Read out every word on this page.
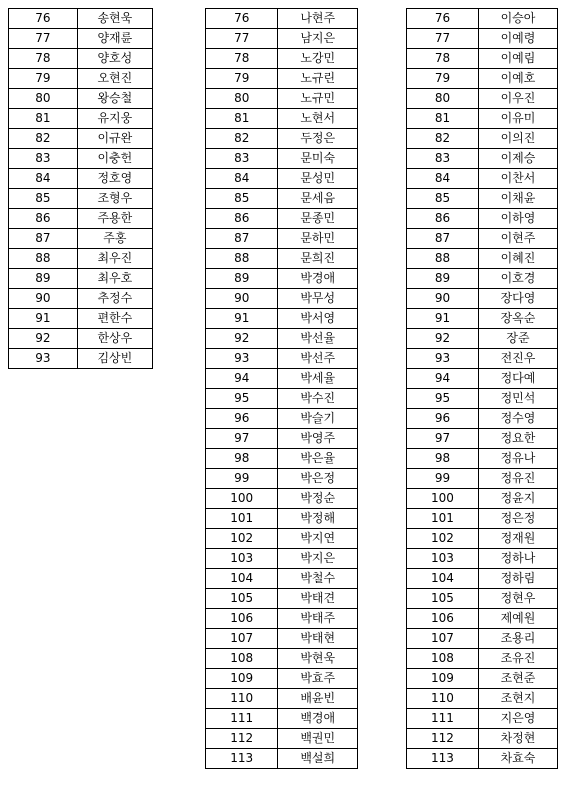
76	송현욱
77	양재륜
78	양호성
79	오현진
80	왕승철
81	유지웅
82	이규완
83	이충헌
84	정호영
85	조형우
86	주용한
87	주홍
88	최우진
89	최우호
90	추정수
91	편한수
92	한상우
93	김상빈
76	나현주
77	남지은
78	노강민
79	노규린
80	노규민
81	노현서
82	두정은
83	문미숙
84	문성민
85	문세음
86	문종민
87	문하민
88	문희진
89	박경애
90	박무성
91	박서영
92	박선율
93	박선주
94	박세율
95	박수진
96	박슬기
97	박영주
98	박은율
99	박은정
100	박정순
101	박정해
102	박지연
103	박지은
104	박철수
105	박태견
106	박태주
107	박태현
108	박현욱
109	박효주
110	배윤빈
111	백경애
112	백권민
113	백설희
76	이승아
77	이예령
78	이예림
79	이예호
80	이우진
81	이유미
82	이의진
83	이제승
84	이찬서
85	이채윤
86	이하영
87	이현주
88	이혜진
89	이호경
90	장다영
91	장옥순
92	장준
93	전진우
94	정다예
95	정민석
96	정수영
97	정요한
98	정유나
99	정유진
100	정윤지
101	정은정
102	정재원
103	정하나
104	정하림
105	정현우
106	제예원
107	조용리
108	조유진
109	조현준
110	조현지
111	지은영
112	차정현
113	차효숙
